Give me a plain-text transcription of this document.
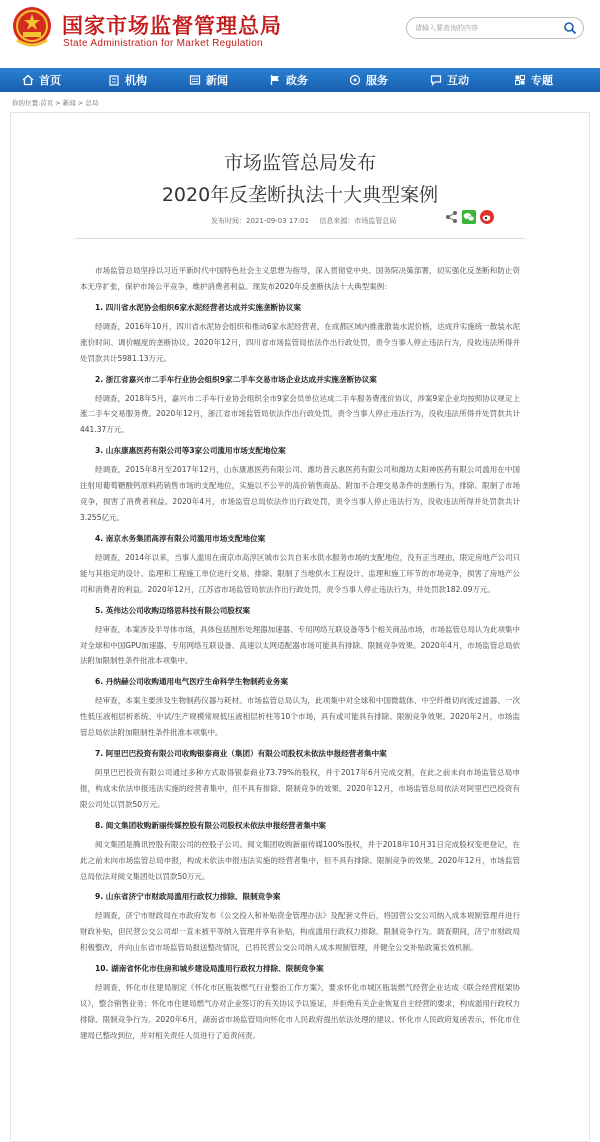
国家市场监督管理总局
State Administration for Market Regulation
请输入要查询的内容
首页	机构	新闻	政务	服务	互动	专题
你的位置:首页 > 新闻 > 总局
市场监管总局发布
2020年反垄断执法十大典型案例
发布时间：2021-09-03 17:01 信息来源：市场监管总局

市场监管总局坚持以习近平新时代中国特色社会主义思想为指导，深入贯彻党中央、国务院决策部署，切实强化反垄断和防止资本无序扩张，保护市场公平竞争，维护消费者利益。现发布2020年反垄断执法十大典型案例：

1. 四川省水泥协会组织6家水泥经营者达成并实施垄断协议案

经调查，2016年10月，四川省水泥协会组织和推动6家水泥经营者，在成都区域内推涨散装水泥价格，达成并实施统一散装水泥涨价时间、调价幅度的垄断协议。2020年12月，四川省市场监管局依法作出行政处罚，责令当事人停止违法行为，没收违法所得并处罚款共计5981.13万元。

2. 浙江省嘉兴市二手车行业协会组织9家二手车交易市场企业达成并实施垄断协议案

经调查，2018年5月，嘉兴市二手车行业协会组织全市9家会员单位达成二手车服务费涨价协议，涉案9家企业均按照协议规定上涨二手车交易服务费。2020年12月，浙江省市场监管局依法作出行政处罚，责令当事人停止违法行为，没收违法所得并处罚款共计441.37万元。

3. 山东康惠医药有限公司等3家公司滥用市场支配地位案

经调查，2015年8月至2017年12月，山东康惠医药有限公司、潍坊普云惠医药有限公司和潍坊太阳神医药有限公司滥用在中国注射用葡萄糖酸钙原料药销售市场的支配地位，实施以不公平的高价销售商品、附加不合理交易条件的垄断行为，排除、限制了市场竞争，损害了消费者利益。2020年4月，市场监管总局依法作出行政处罚，责令当事人停止违法行为，没收违法所得并处罚款共计3.255亿元。

4. 南京水务集团高淳有限公司滥用市场支配地位案

经调查，2014年以来，当事人滥用在南京市高淳区城市公共自来水供水服务市场的支配地位，没有正当理由，限定房地产公司只能与其指定的设计、监理和工程施工单位进行交易，排除、限制了当地供水工程设计、监理和施工环节的市场竞争，损害了房地产公司和消费者的利益。2020年12月，江苏省市场监管局依法作出行政处罚，责令当事人停止违法行为，并处罚款182.09万元。

5. 英伟达公司收购迈络思科技有限公司股权案

经审查，本案涉及半导体市场，具体包括图形处理器加速器、专用网络互联设备等5个相关商品市场，市场监管总局认为此项集中对全球和中国GPU加速器、专用网络互联设备、高速以太网适配器市场可能具有排除、限制竞争效果。2020年4月，市场监管总局依法附加限制性条件批准本项集中。

6. 丹纳赫公司收购通用电气医疗生命科学生物制药业务案

经审查，本案主要涉及生物制药仪器与耗材。市场监管总局认为，此项集中对全球和中国微载体、中空纤维切向流过滤器、一次性低压液相层析系统、中试/生产规模常规低压液相层析柱等10个市场，具有或可能具有排除、限制竞争效果。2020年2月，市场监管总局依法附加限制性条件批准本项集中。

7. 阿里巴巴投资有限公司收购银泰商业（集团）有限公司股权未依法申报经营者集中案

阿里巴巴投资有限公司通过多种方式取得银泰商业73.79%的股权，并于2017年6月完成交割，在此之前未向市场监管总局申报，构成未依法申报违法实施的经营者集中，但不具有排除、限制竞争的效果。2020年12月，市场监管总局依法对阿里巴巴投资有限公司处以罚款50万元。

8. 阅文集团收购新丽传媒控股有限公司股权未依法申报经营者集中案

阅文集团是腾讯控股有限公司的控股子公司。阅文集团收购新丽传媒100%股权，并于2018年10月31日完成股权变更登记，在此之前未向市场监管总局申报，构成未依法申报违法实施的经营者集中，但不具有排除、限制竞争的效果。2020年12月，市场监管总局依法对阅文集团处以罚款50万元。

9. 山东省济宁市财政局滥用行政权力排除、限制竞争案

经调查，济宁市财政局在市政府发布《公交投入和补贴资金管理办法》及配套文件后，将国营公交公司纳入成本规制管理并进行财政补贴，但民营公交公司却一直未被平等纳入管理并享有补贴，构成滥用行政权力排除、限制竞争行为。调查期间，济宁市财政局积极整改，并向山东省市场监管局报送整改情况，已将民营公交公司纳入成本规制管理，并健全公交补贴政策长效机制。

10. 湖南省怀化市住房和城乡建设局滥用行政权力排除、限制竞争案

经调查，怀化市住建局制定《怀化市区瓶装燃气行业整治工作方案》，要求怀化市城区瓶装燃气经营企业达成《联合经营框架协议》，整合销售业务；怀化市住建局燃气办对企业签订的有关协议予以鉴证，并拒绝有关企业恢复自主经营的要求，构成滥用行政权力排除、限制竞争行为。2020年6月，湖南省市场监管局向怀化市人民政府提出依法处理的建议。怀化市人民政府复函表示，怀化市住建局已整改到位，并对相关责任人员进行了追责问责。
